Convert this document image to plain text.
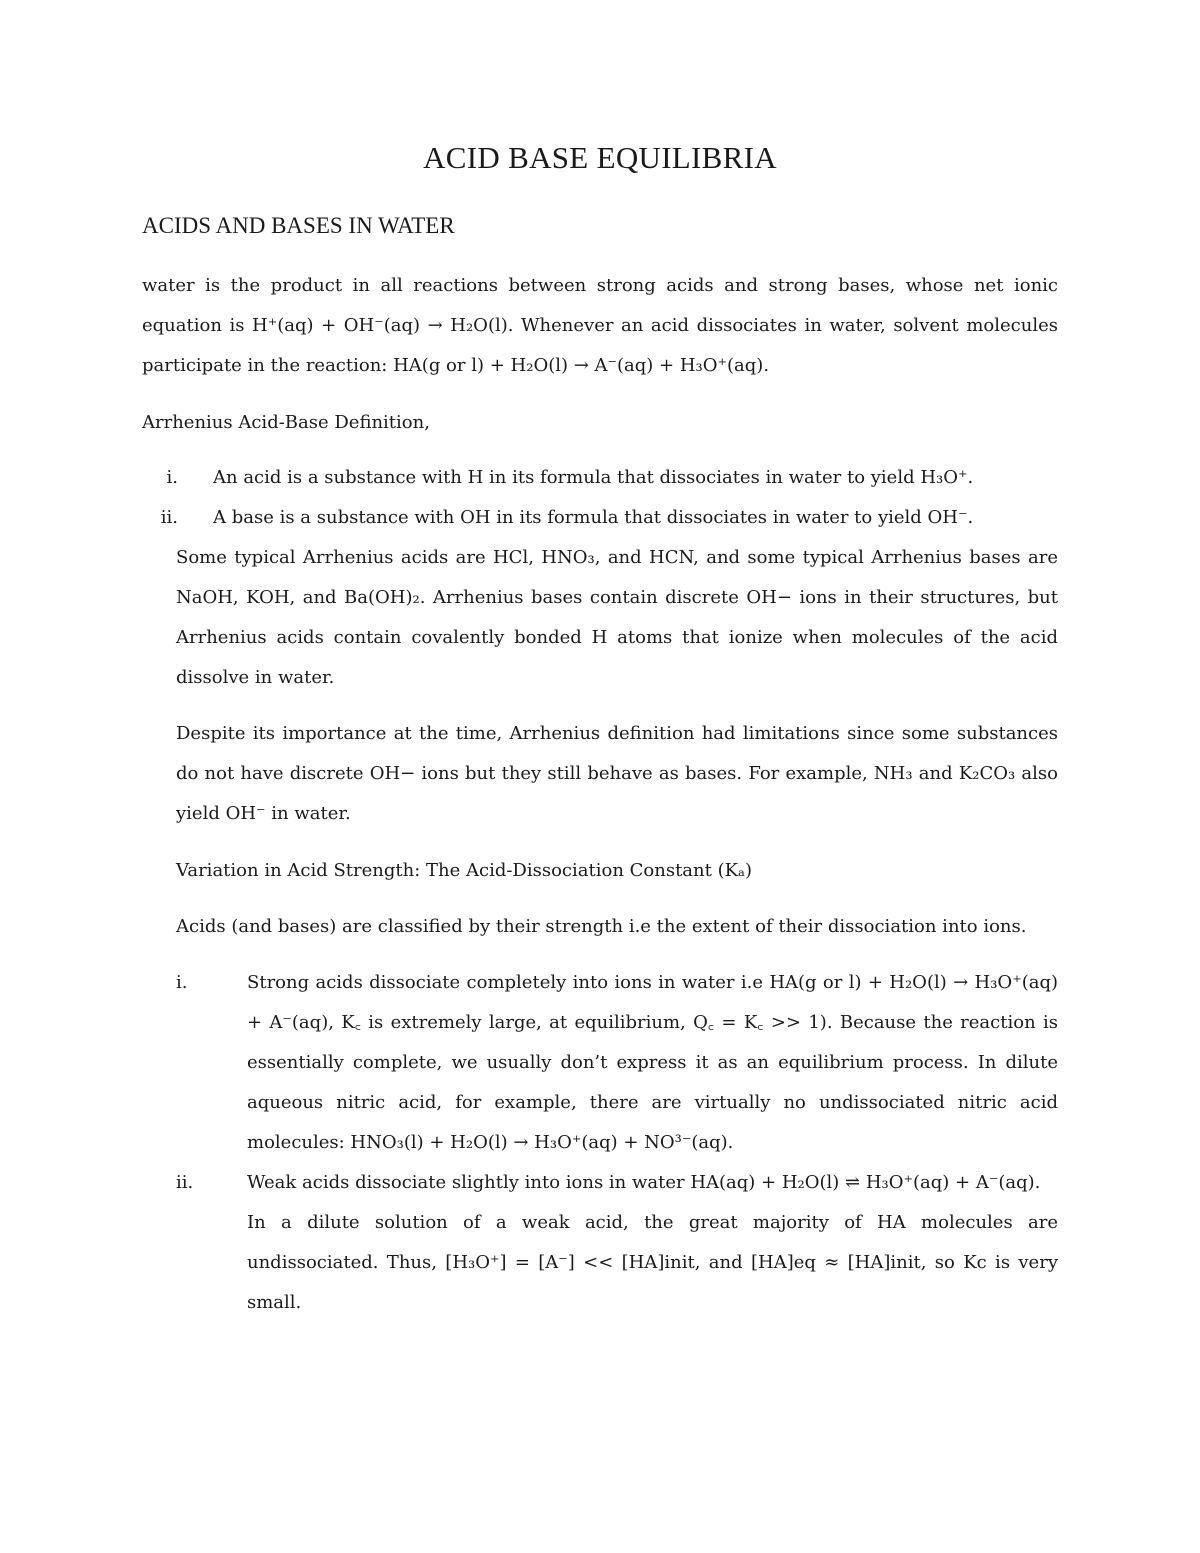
ACID BASE EQUILIBRIA
ACIDS AND BASES IN WATER

water is the product in all reactions between strong acids and strong bases, whose net ionic equation is H⁺(aq) + OH⁻(aq) → H₂O(l). Whenever an acid dissociates in water, solvent molecules participate in the reaction: HA(g or l) + H₂O(l) → A⁻(aq) + H₃O⁺(aq).

Arrhenius Acid-Base Definition,

i. An acid is a substance with H in its formula that dissociates in water to yield H₃O⁺.
ii. A base is a substance with OH in its formula that dissociates in water to yield OH⁻.

Some typical Arrhenius acids are HCl, HNO₃, and HCN, and some typical Arrhenius bases are NaOH, KOH, and Ba(OH)₂. Arrhenius bases contain discrete OH− ions in their structures, but Arrhenius acids contain covalently bonded H atoms that ionize when molecules of the acid dissolve in water.

Despite its importance at the time, Arrhenius definition had limitations since some substances do not have discrete OH− ions but they still behave as bases. For example, NH₃ and K₂CO₃ also yield OH⁻ in water.

Variation in Acid Strength: The Acid-Dissociation Constant (Kₐ)

Acids (and bases) are classified by their strength i.e the extent of their dissociation into ions.

i.	Strong acids dissociate completely into ions in water i.e HA(g or l) + H₂O(l) → H₃O⁺(aq) + A⁻(aq), K꜀ is extremely large, at equilibrium, Q꜀ = K꜀ >> 1). Because the reaction is essentially complete, we usually don’t express it as an equilibrium process. In dilute aqueous nitric acid, for example, there are virtually no undissociated nitric acid molecules: HNO₃(l) + H₂O(l) → H₃O⁺(aq) + NO³⁻(aq).

ii.	Weak acids dissociate slightly into ions in water HA(aq) + H₂O(l) ⇌ H₃O⁺(aq) + A⁻(aq).

In a dilute solution of a weak acid, the great majority of HA molecules are undissociated. Thus, [H₃O⁺] = [A⁻] << [HA]init, and [HA]eq ≈ [HA]init, so Kc is very small.
